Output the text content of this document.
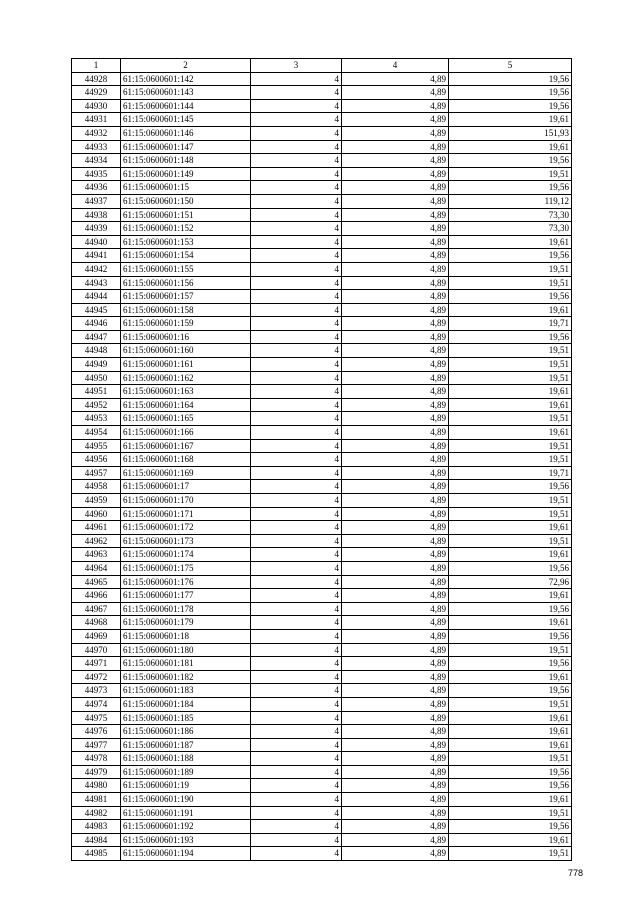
1	2	3	4	5
44928	61:15:0600601:142	4	4,89	19,56
44929	61:15:0600601:143	4	4,89	19,56
44930	61:15:0600601:144	4	4,89	19,56
44931	61:15:0600601:145	4	4,89	19,61
44932	61:15:0600601:146	4	4,89	151,93
44933	61:15:0600601:147	4	4,89	19,61
44934	61:15:0600601:148	4	4,89	19,56
44935	61:15:0600601:149	4	4,89	19,51
44936	61:15:0600601:15	4	4,89	19,56
44937	61:15:0600601:150	4	4,89	119,12
44938	61:15:0600601:151	4	4,89	73,30
44939	61:15:0600601:152	4	4,89	73,30
44940	61:15:0600601:153	4	4,89	19,61
44941	61:15:0600601:154	4	4,89	19,56
44942	61:15:0600601:155	4	4,89	19,51
44943	61:15:0600601:156	4	4,89	19,51
44944	61:15:0600601:157	4	4,89	19,56
44945	61:15:0600601:158	4	4,89	19,61
44946	61:15:0600601:159	4	4,89	19,71
44947	61:15:0600601:16	4	4,89	19,56
44948	61:15:0600601:160	4	4,89	19,51
44949	61:15:0600601:161	4	4,89	19,51
44950	61:15:0600601:162	4	4,89	19,51
44951	61:15:0600601:163	4	4,89	19,61
44952	61:15:0600601:164	4	4,89	19,61
44953	61:15:0600601:165	4	4,89	19,51
44954	61:15:0600601:166	4	4,89	19,61
44955	61:15:0600601:167	4	4,89	19,51
44956	61:15:0600601:168	4	4,89	19,51
44957	61:15:0600601:169	4	4,89	19,71
44958	61:15:0600601:17	4	4,89	19,56
44959	61:15:0600601:170	4	4,89	19,51
44960	61:15:0600601:171	4	4,89	19,51
44961	61:15:0600601:172	4	4,89	19,61
44962	61:15:0600601:173	4	4,89	19,51
44963	61:15:0600601:174	4	4,89	19,61
44964	61:15:0600601:175	4	4,89	19,56
44965	61:15:0600601:176	4	4,89	72,96
44966	61:15:0600601:177	4	4,89	19,61
44967	61:15:0600601:178	4	4,89	19,56
44968	61:15:0600601:179	4	4,89	19,61
44969	61:15:0600601:18	4	4,89	19,56
44970	61:15:0600601:180	4	4,89	19,51
44971	61:15:0600601:181	4	4,89	19,56
44972	61:15:0600601:182	4	4,89	19,61
44973	61:15:0600601:183	4	4,89	19,56
44974	61:15:0600601:184	4	4,89	19,51
44975	61:15:0600601:185	4	4,89	19,61
44976	61:15:0600601:186	4	4,89	19,61
44977	61:15:0600601:187	4	4,89	19,61
44978	61:15:0600601:188	4	4,89	19,51
44979	61:15:0600601:189	4	4,89	19,56
44980	61:15:0600601:19	4	4,89	19,56
44981	61:15:0600601:190	4	4,89	19,61
44982	61:15:0600601:191	4	4,89	19,51
44983	61:15:0600601:192	4	4,89	19,56
44984	61:15:0600601:193	4	4,89	19,61
44985	61:15:0600601:194	4	4,89	19,51
778
